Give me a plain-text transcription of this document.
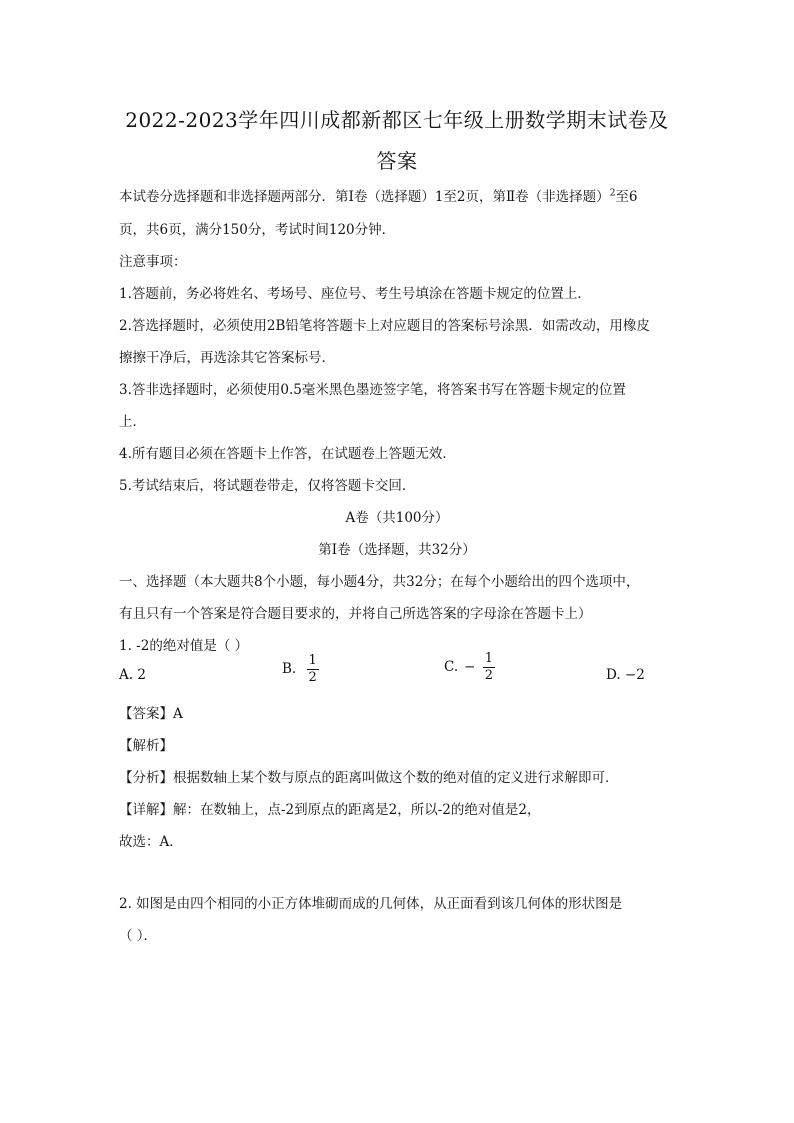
2022-2023学年四川成都新都区七年级上册数学期末试卷及
答案
本试卷分选择题和非选择题两部分．第Ⅰ卷（选择题）1至2页，第Ⅱ卷（非选择题）$^2$至6
页，共6页，满分150分，考试时间120分钟．
注意事项：
1.答题前，务必将姓名、考场号、座位号、考生号填涂在答题卡规定的位置上．
2.答选择题时，必须使用2B铅笔将答题卡上对应题目的答案标号涂黑．如需改动，用橡皮
擦擦干净后，再选涂其它答案标号．
3.答非选择题时，必须使用0.5毫米黑色墨迹签字笔，将答案书写在答题卡规定的位置
上．
4.所有题目必须在答题卡上作答，在试题卷上答题无效．
5.考试结束后，将试题卷带走，仅将答题卡交回．
A卷（共100分）
第Ⅰ卷（选择题，共32分）
一、选择题（本大题共8个小题，每小题4分，共32分；在每个小题给出的四个选项中，
有且只有一个答案是符合题目要求的，并将自己所选答案的字母涂在答题卡上）
1. -2的绝对值是（ ）
A. 2	B. $\frac{1}{2}$	C. − $\frac{1}{2}$	D. −2
【答案】A
【解析】
【分析】根据数轴上某个数与原点的距离叫做这个数的绝对值的定义进行求解即可．
【详解】解：在数轴上，点-2到原点的距离是2，所以-2的绝对值是2，
故选：A．
2. 如图是由四个相同的小正方体堆砌而成的几何体，从正面看到该几何体的形状图是
（ ）．
